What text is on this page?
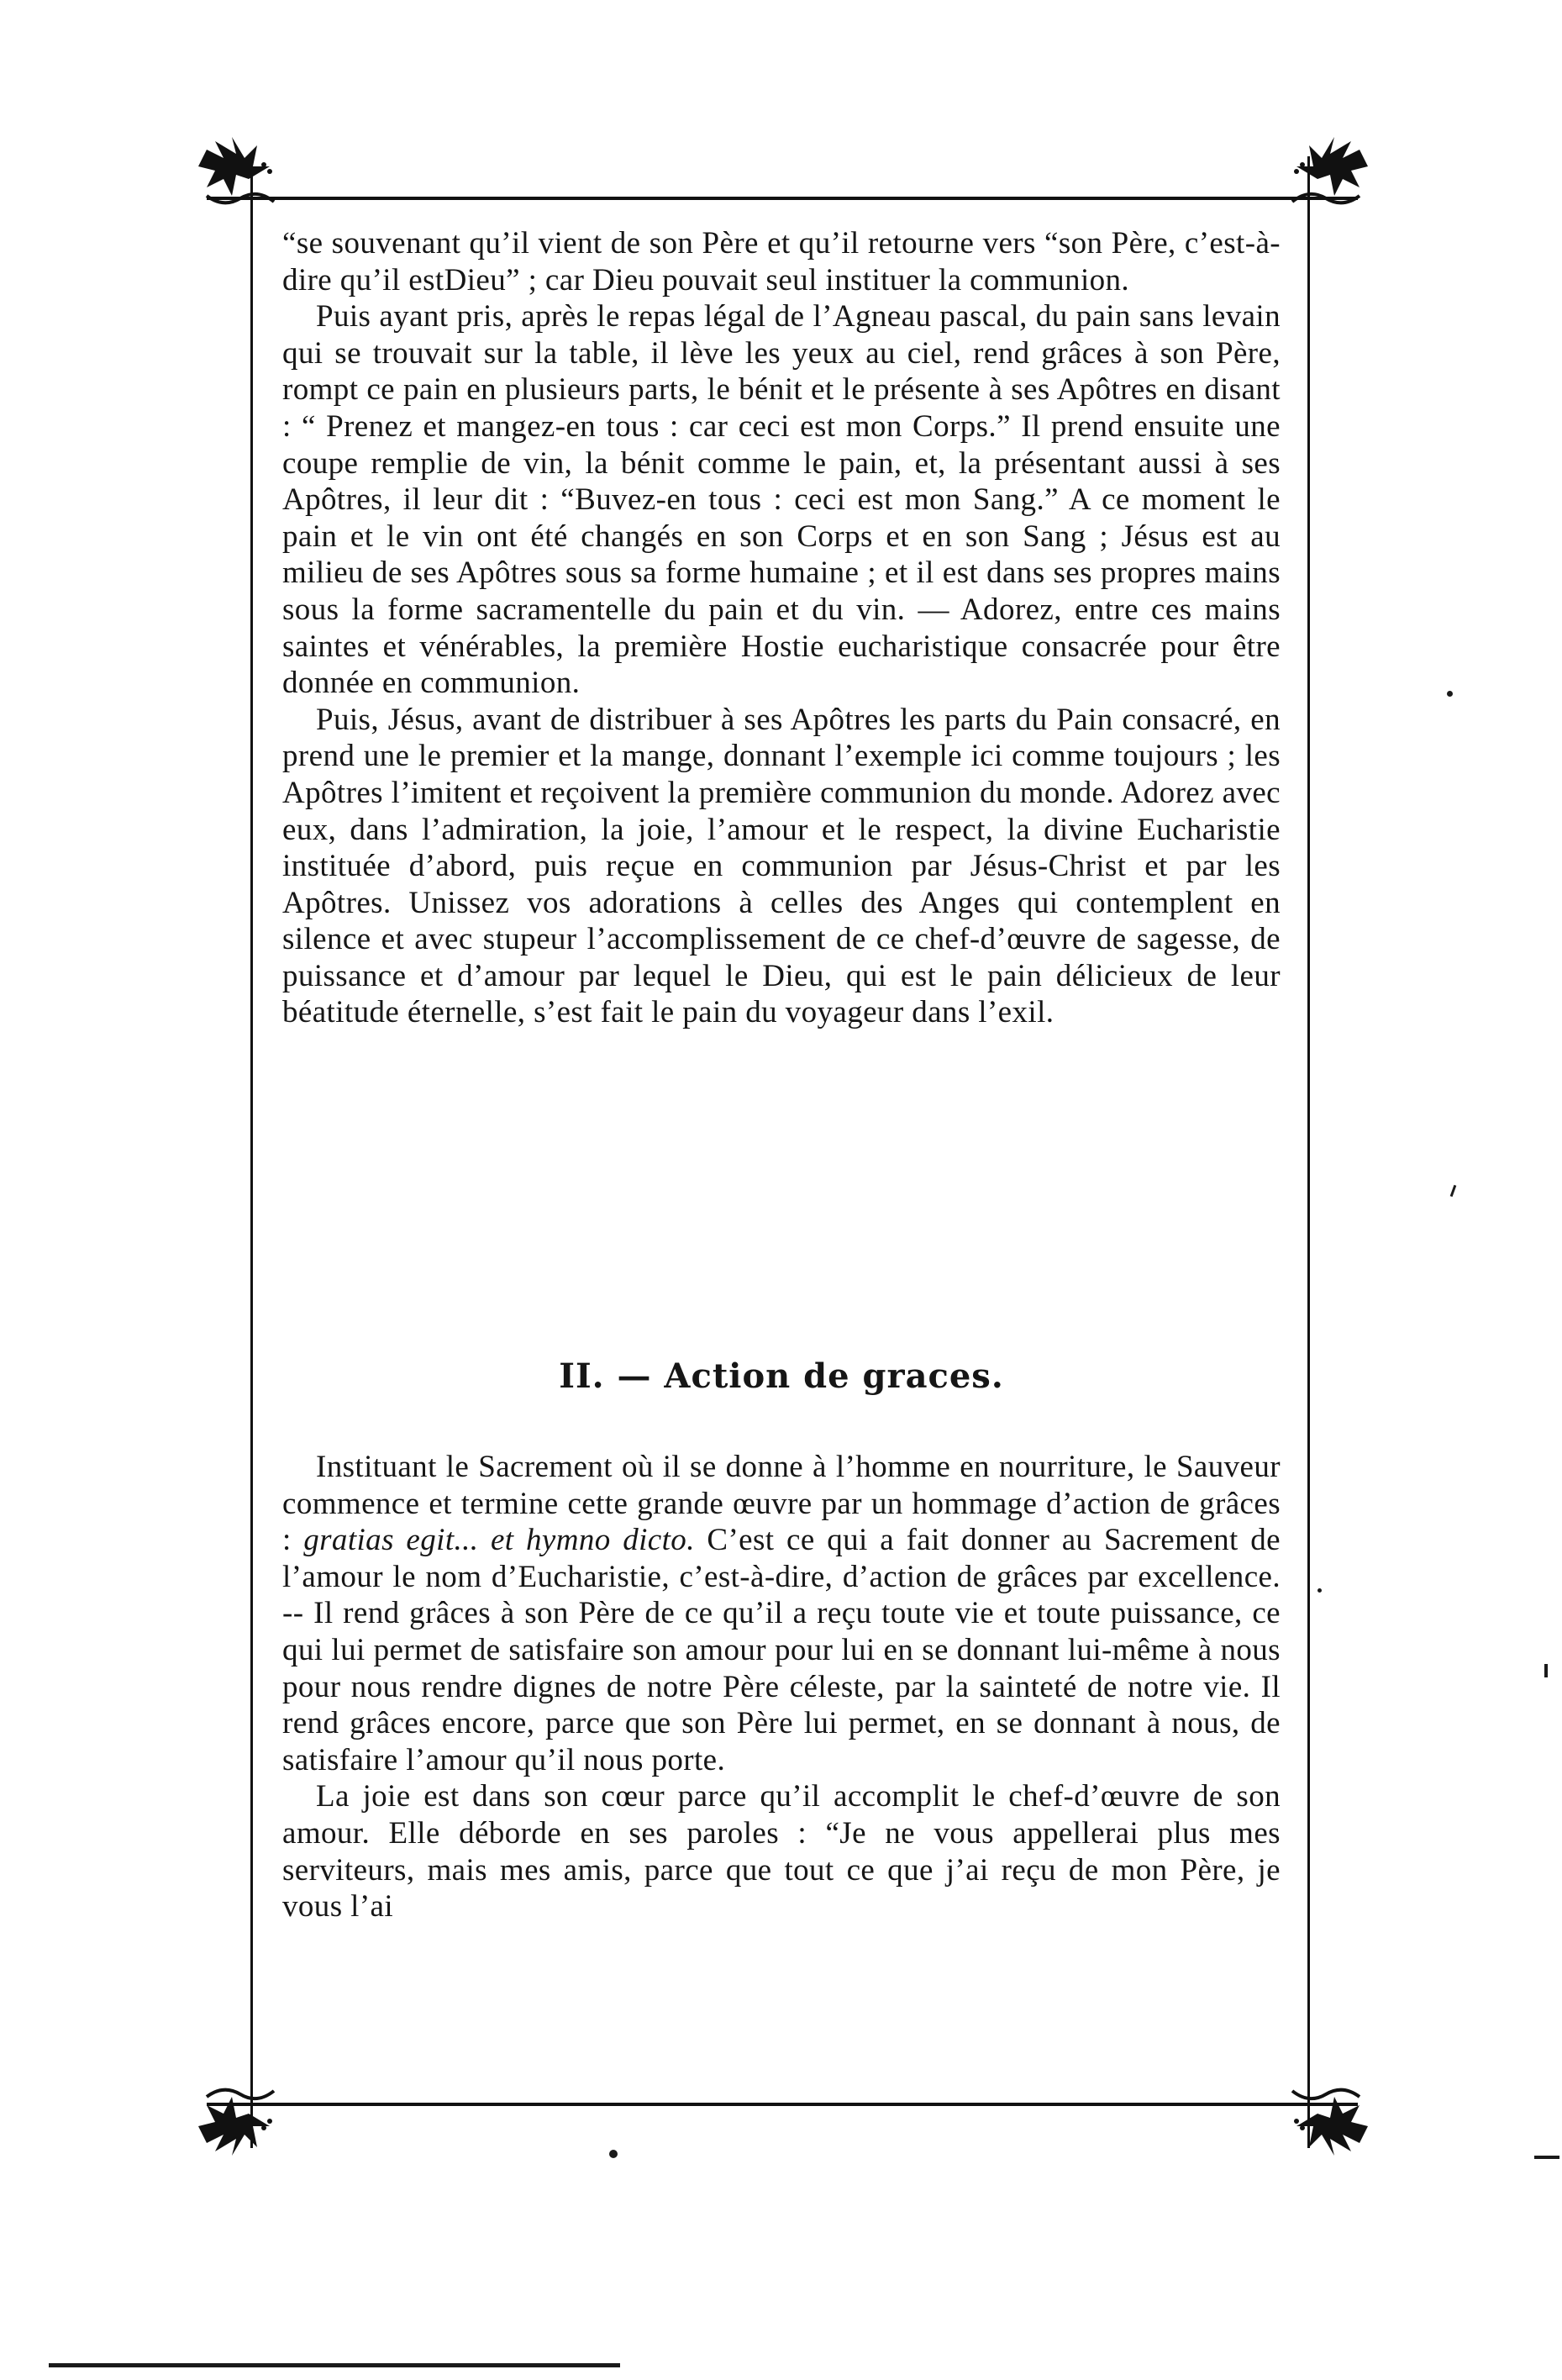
“se souvenant qu’il vient de son Père et qu’il retourne vers “son Père, c’est-à-dire qu’il estDieu” ; car Dieu pouvait seul instituer la communion.

Puis ayant pris, après le repas légal de l’Agneau pascal, du pain sans levain qui se trouvait sur la table, il lève les yeux au ciel, rend grâces à son Père, rompt ce pain en plusieurs parts, le bénit et le présente à ses Apôtres en disant : “ Prenez et mangez-en tous : car ceci est mon Corps.” Il prend ensuite une coupe remplie de vin, la bénit comme le pain, et, la présentant aussi à ses Apôtres, il leur dit : “Buvez-en tous : ceci est mon Sang.” A ce moment le pain et le vin ont été changés en son Corps et en son Sang ; Jésus est au milieu de ses Apôtres sous sa forme humaine ; et il est dans ses propres mains sous la forme sacramentelle du pain et du vin. — Adorez, entre ces mains saintes et vénérables, la première Hostie eucharistique consacrée pour être donnée en communion.

Puis, Jésus, avant de distribuer à ses Apôtres les parts du Pain consacré, en prend une le premier et la mange, donnant l’exemple ici comme toujours ; les Apôtres l’imitent et reçoivent la première communion du monde. Adorez avec eux, dans l’admiration, la joie, l’amour et le respect, la divine Eucharistie instituée d’abord, puis reçue en communion par Jésus-Christ et par les Apôtres. Unissez vos adorations à celles des Anges qui contemplent en silence et avec stupeur l’accomplissement de ce chef-d’œuvre de sagesse, de puissance et d’amour par lequel le Dieu, qui est le pain délicieux de leur béatitude éternelle, s’est fait le pain du voyageur dans l’exil.

II. — Action de graces.

Instituant le Sacrement où il se donne à l’homme en nourriture, le Sauveur commence et termine cette grande œuvre par un hommage d’action de grâces : gratias egit... et hymno dicto. C’est ce qui a fait donner au Sacrement de l’amour le nom d’Eucharistie, c’est-à-dire, d’action de grâces par excellence. -- Il rend grâces à son Père de ce qu’il a reçu toute vie et toute puissance, ce qui lui permet de satisfaire son amour pour lui en se donnant lui-même à nous pour nous rendre dignes de notre Père céleste, par la sainteté de notre vie. Il rend grâces encore, parce que son Père lui permet, en se donnant à nous, de satisfaire l’amour qu’il nous porte.

La joie est dans son cœur parce qu’il accomplit le chef-d’œuvre de son amour. Elle déborde en ses paroles : “Je ne vous appellerai plus mes serviteurs, mais mes amis, parce que tout ce que j’ai reçu de mon Père, je vous l’ai
